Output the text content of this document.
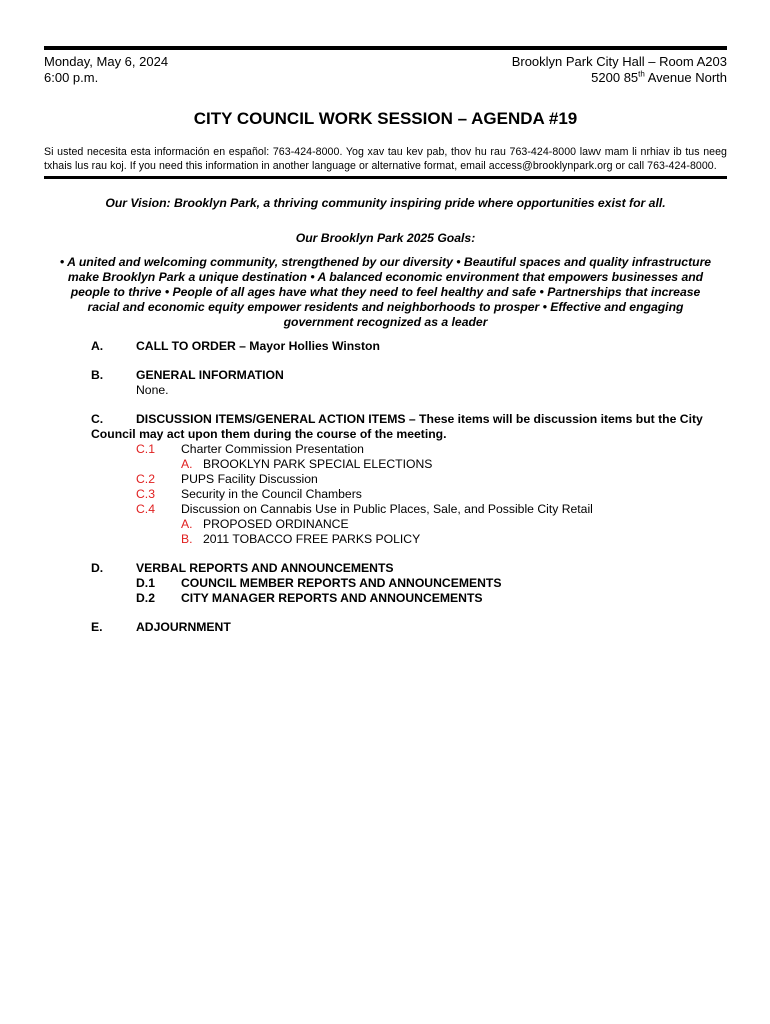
Monday, May 6, 2024
6:00 p.m.
Brooklyn Park City Hall – Room A203
5200 85th Avenue North
CITY COUNCIL WORK SESSION – AGENDA #19
Si usted necesita esta información en español: 763-424-8000. Yog xav tau kev pab, thov hu rau 763-424-8000 lawv mam li nrhiav ib tus neeg txhais lus rau koj. If you need this information in another language or alternative format, email access@brooklynpark.org or call 763-424-8000.
Our Vision: Brooklyn Park, a thriving community inspiring pride where opportunities exist for all.
Our Brooklyn Park 2025 Goals:
• A united and welcoming community, strengthened by our diversity • Beautiful spaces and quality infrastructure make Brooklyn Park a unique destination • A balanced economic environment that empowers businesses and people to thrive • People of all ages have what they need to feel healthy and safe • Partnerships that increase racial and economic equity empower residents and neighborhoods to prosper • Effective and engaging government recognized as a leader
A.	CALL TO ORDER – Mayor Hollies Winston
B.	GENERAL INFORMATION
None.
C.	DISCUSSION ITEMS/GENERAL ACTION ITEMS – These items will be discussion items but the City
Council may act upon them during the course of the meeting.
C.1	Charter Commission Presentation
A. BROOKLYN PARK SPECIAL ELECTIONS
C.2	PUPS Facility Discussion
C.3	Security in the Council Chambers
C.4	Discussion on Cannabis Use in Public Places, Sale, and Possible City Retail
A. PROPOSED ORDINANCE
B. 2011 TOBACCO FREE PARKS POLICY
D.	VERBAL REPORTS AND ANNOUNCEMENTS
D.1	COUNCIL MEMBER REPORTS AND ANNOUNCEMENTS
D.2	CITY MANAGER REPORTS AND ANNOUNCEMENTS
E.	ADJOURNMENT
